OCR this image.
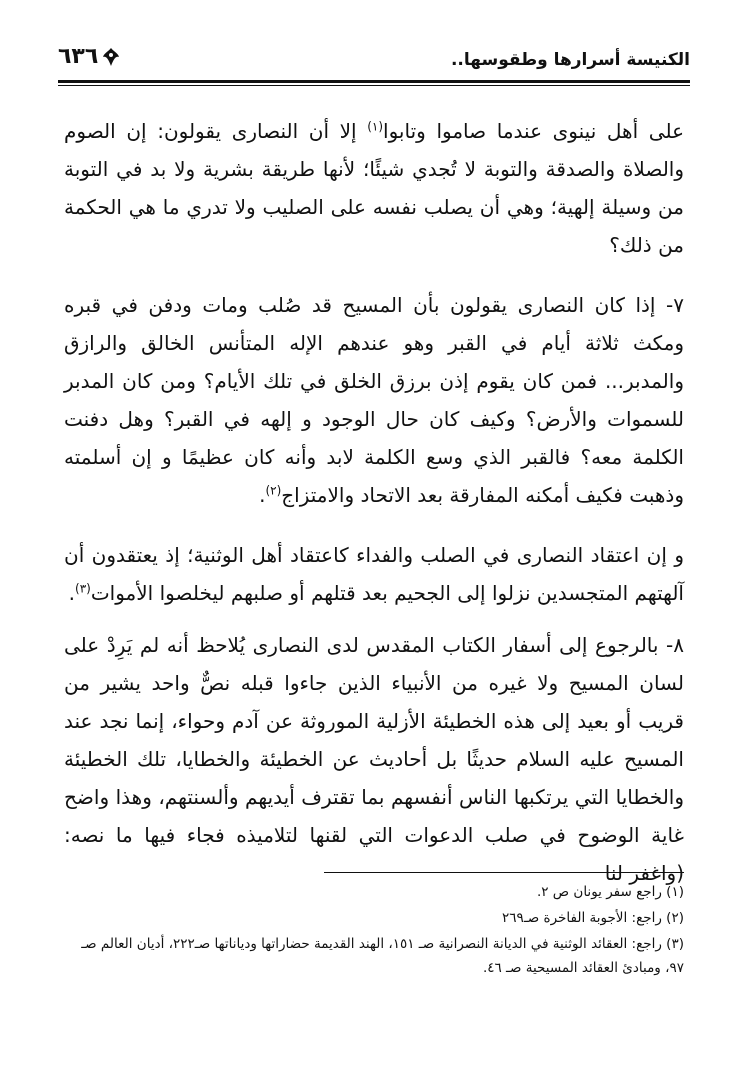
الكنيسة أسرارها وطقوسها..
٦٣٦

على أهل نينوى عندما صاموا وتابوا$^{(١)}$ إلا أن النصارى يقولون: إن الصوم والصلاة والصدقة والتوبة لا تُجدي شيئًا؛ لأنها طريقة بشرية ولا بد في التوبة من وسيلة إلهية؛ وهي أن يصلب نفسه على الصليب ولا تدري ما هي الحكمة من ذلك؟

٧- إذا كان النصارى يقولون بأن المسيح قد صُلب ومات ودفن في قبره ومكث ثلاثة أيام في القبر وهو عندهم الإله المتأنس الخالق والرازق والمدبر... فمن كان يقوم إذن برزق الخلق في تلك الأيام؟ ومن كان المدبر للسموات والأرض؟ وكيف كان حال الوجود و إلهه في القبر؟ وهل دفنت الكلمة معه؟ فالقبر الذي وسع الكلمة لابد وأنه كان عظيمًا و إن أسلمته وذهبت فكيف أمكنه المفارقة بعد الاتحاد والامتزاج$^{(٢)}$.

و إن اعتقاد النصارى في الصلب والفداء كاعتقاد أهل الوثنية؛ إذ يعتقدون أن آلهتهم المتجسدين نزلوا إلى الجحيم بعد قتلهم أو صلبهم ليخلصوا الأموات$^{(٣)}$.

٨- بالرجوع إلى أسفار الكتاب المقدس لدى النصارى يُلاحظ أنه لم يَرِدْ على لسان المسيح ولا غيره من الأنبياء الذين جاءوا قبله نصٌّ واحد يشير من قريب أو بعيد إلى هذه الخطيئة الأزلية الموروثة عن آدم وحواء، إنما نجد عند المسيح عليه السلام حديثًا بل أحاديث عن الخطيئة والخطايا، تلك الخطيئة والخطايا التي يرتكبها الناس أنفسهم بما تقترف أيديهم وألسنتهم، وهذا واضح غاية الوضوح في صلب الدعوات التي لقنها لتلاميذه فجاء فيها ما نصه: (واغفر لنا

(١) راجع سفر يونان ص ٢.

(٢) راجع: الأجوبة الفاخرة صـ٢٦٩

(٣) راجع: العقائد الوثنية في الديانة النصرانية صـ ١٥١، الهند القديمة حضاراتها ودياناتها صـ٢٢٢، أديان العالم صـ ٩٧، ومبادئ العقائد المسيحية صـ ٤٦.
